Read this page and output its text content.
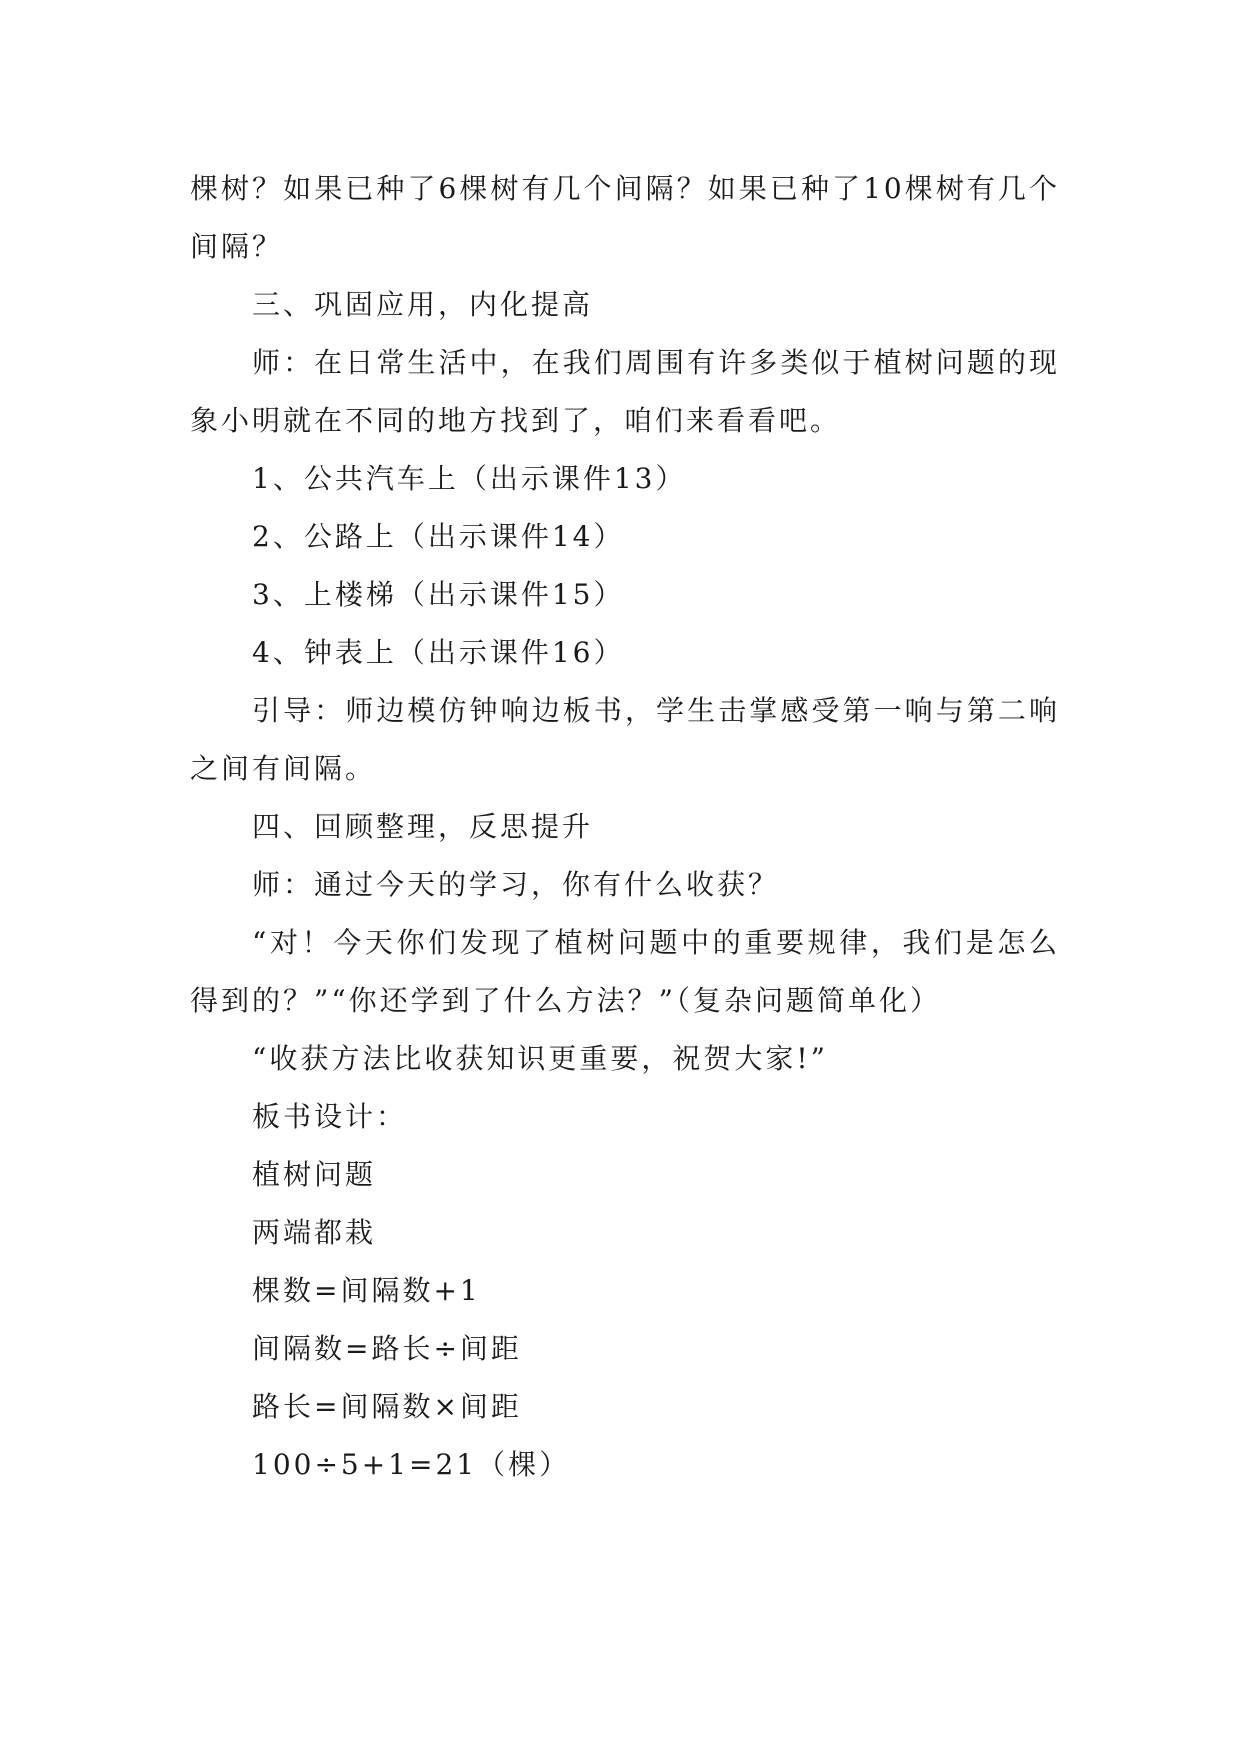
棵树？如果已种了6棵树有几个间隔？如果已种了10棵树有几个间隔？

三、巩固应用，内化提高

师：在日常生活中，在我们周围有许多类似于植树问题的现象小明就在不同的地方找到了，咱们来看看吧。

1、公共汽车上（出示课件13）

2、公路上（出示课件14）

3、上楼梯（出示课件15）

4、钟表上（出示课件16）

引导：师边模仿钟响边板书，学生击掌感受第一响与第二响之间有间隔。

四、回顾整理，反思提升

师：通过今天的学习，你有什么收获？

“对！今天你们发现了植树问题中的重要规律，我们是怎么得到的？”“你还学到了什么方法？”（复杂问题简单化）

“收获方法比收获知识更重要，祝贺大家!”

板书设计：

植树问题

两端都栽

棵数=间隔数+1

间隔数=路长÷间距

路长=间隔数×间距

100÷5+1=21（棵）
